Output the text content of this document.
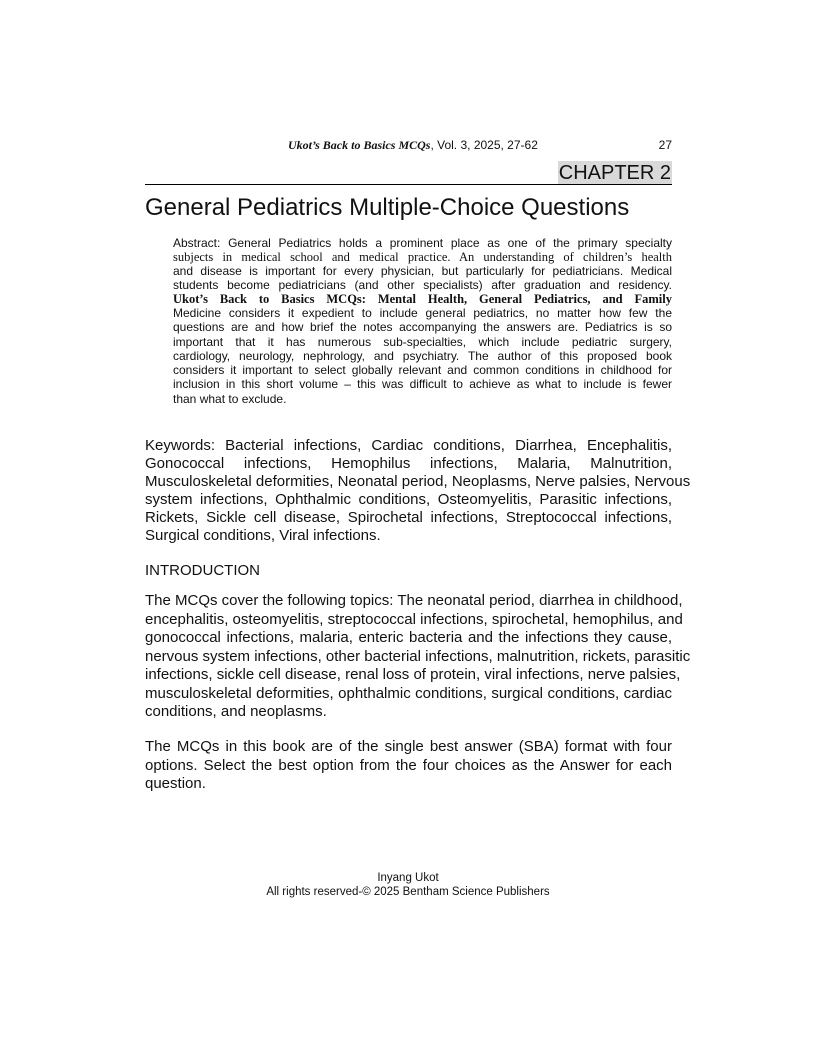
Ukot’s Back to Basics MCQs, Vol. 3, 2025, 27-62	27
CHAPTER 2
General Pediatrics Multiple-Choice Questions
Abstract: General Pediatrics holds a prominent place as one of the primary specialty
subjects in medical school and medical practice. An understanding of children’s health
and disease is important for every physician, but particularly for pediatricians. Medical
students become pediatricians (and other specialists) after graduation and residency.
Ukot’s Back to Basics MCQs: Mental Health, General Pediatrics, and Family
Medicine considers it expedient to include general pediatrics, no matter how few the
questions are and how brief the notes accompanying the answers are. Pediatrics is so
important that it has numerous sub-specialties, which include pediatric surgery,
cardiology, neurology, nephrology, and psychiatry. The author of this proposed book
considers it important to select globally relevant and common conditions in childhood for
inclusion in this short volume – this was difficult to achieve as what to include is fewer
than what to exclude.
Keywords: Bacterial infections, Cardiac conditions, Diarrhea, Encephalitis,
Gonococcal infections, Hemophilus infections, Malaria, Malnutrition,
Musculoskeletal deformities, Neonatal period, Neoplasms, Nerve palsies, Nervous
system infections, Ophthalmic conditions, Osteomyelitis, Parasitic infections,
Rickets, Sickle cell disease, Spirochetal infections, Streptococcal infections,
Surgical conditions, Viral infections.
INTRODUCTION
The MCQs cover the following topics: The neonatal period, diarrhea in childhood,
encephalitis, osteomyelitis, streptococcal infections, spirochetal, hemophilus, and
gonococcal infections, malaria, enteric bacteria and the infections they cause,
nervous system infections, other bacterial infections, malnutrition, rickets, parasitic
infections, sickle cell disease, renal loss of protein, viral infections, nerve palsies,
musculoskeletal deformities, ophthalmic conditions, surgical conditions, cardiac
conditions, and neoplasms.
The MCQs in this book are of the single best answer (SBA) format with four
options. Select the best option from the four choices as the Answer for each
question.
Inyang Ukot
All rights reserved-© 2025 Bentham Science Publishers
